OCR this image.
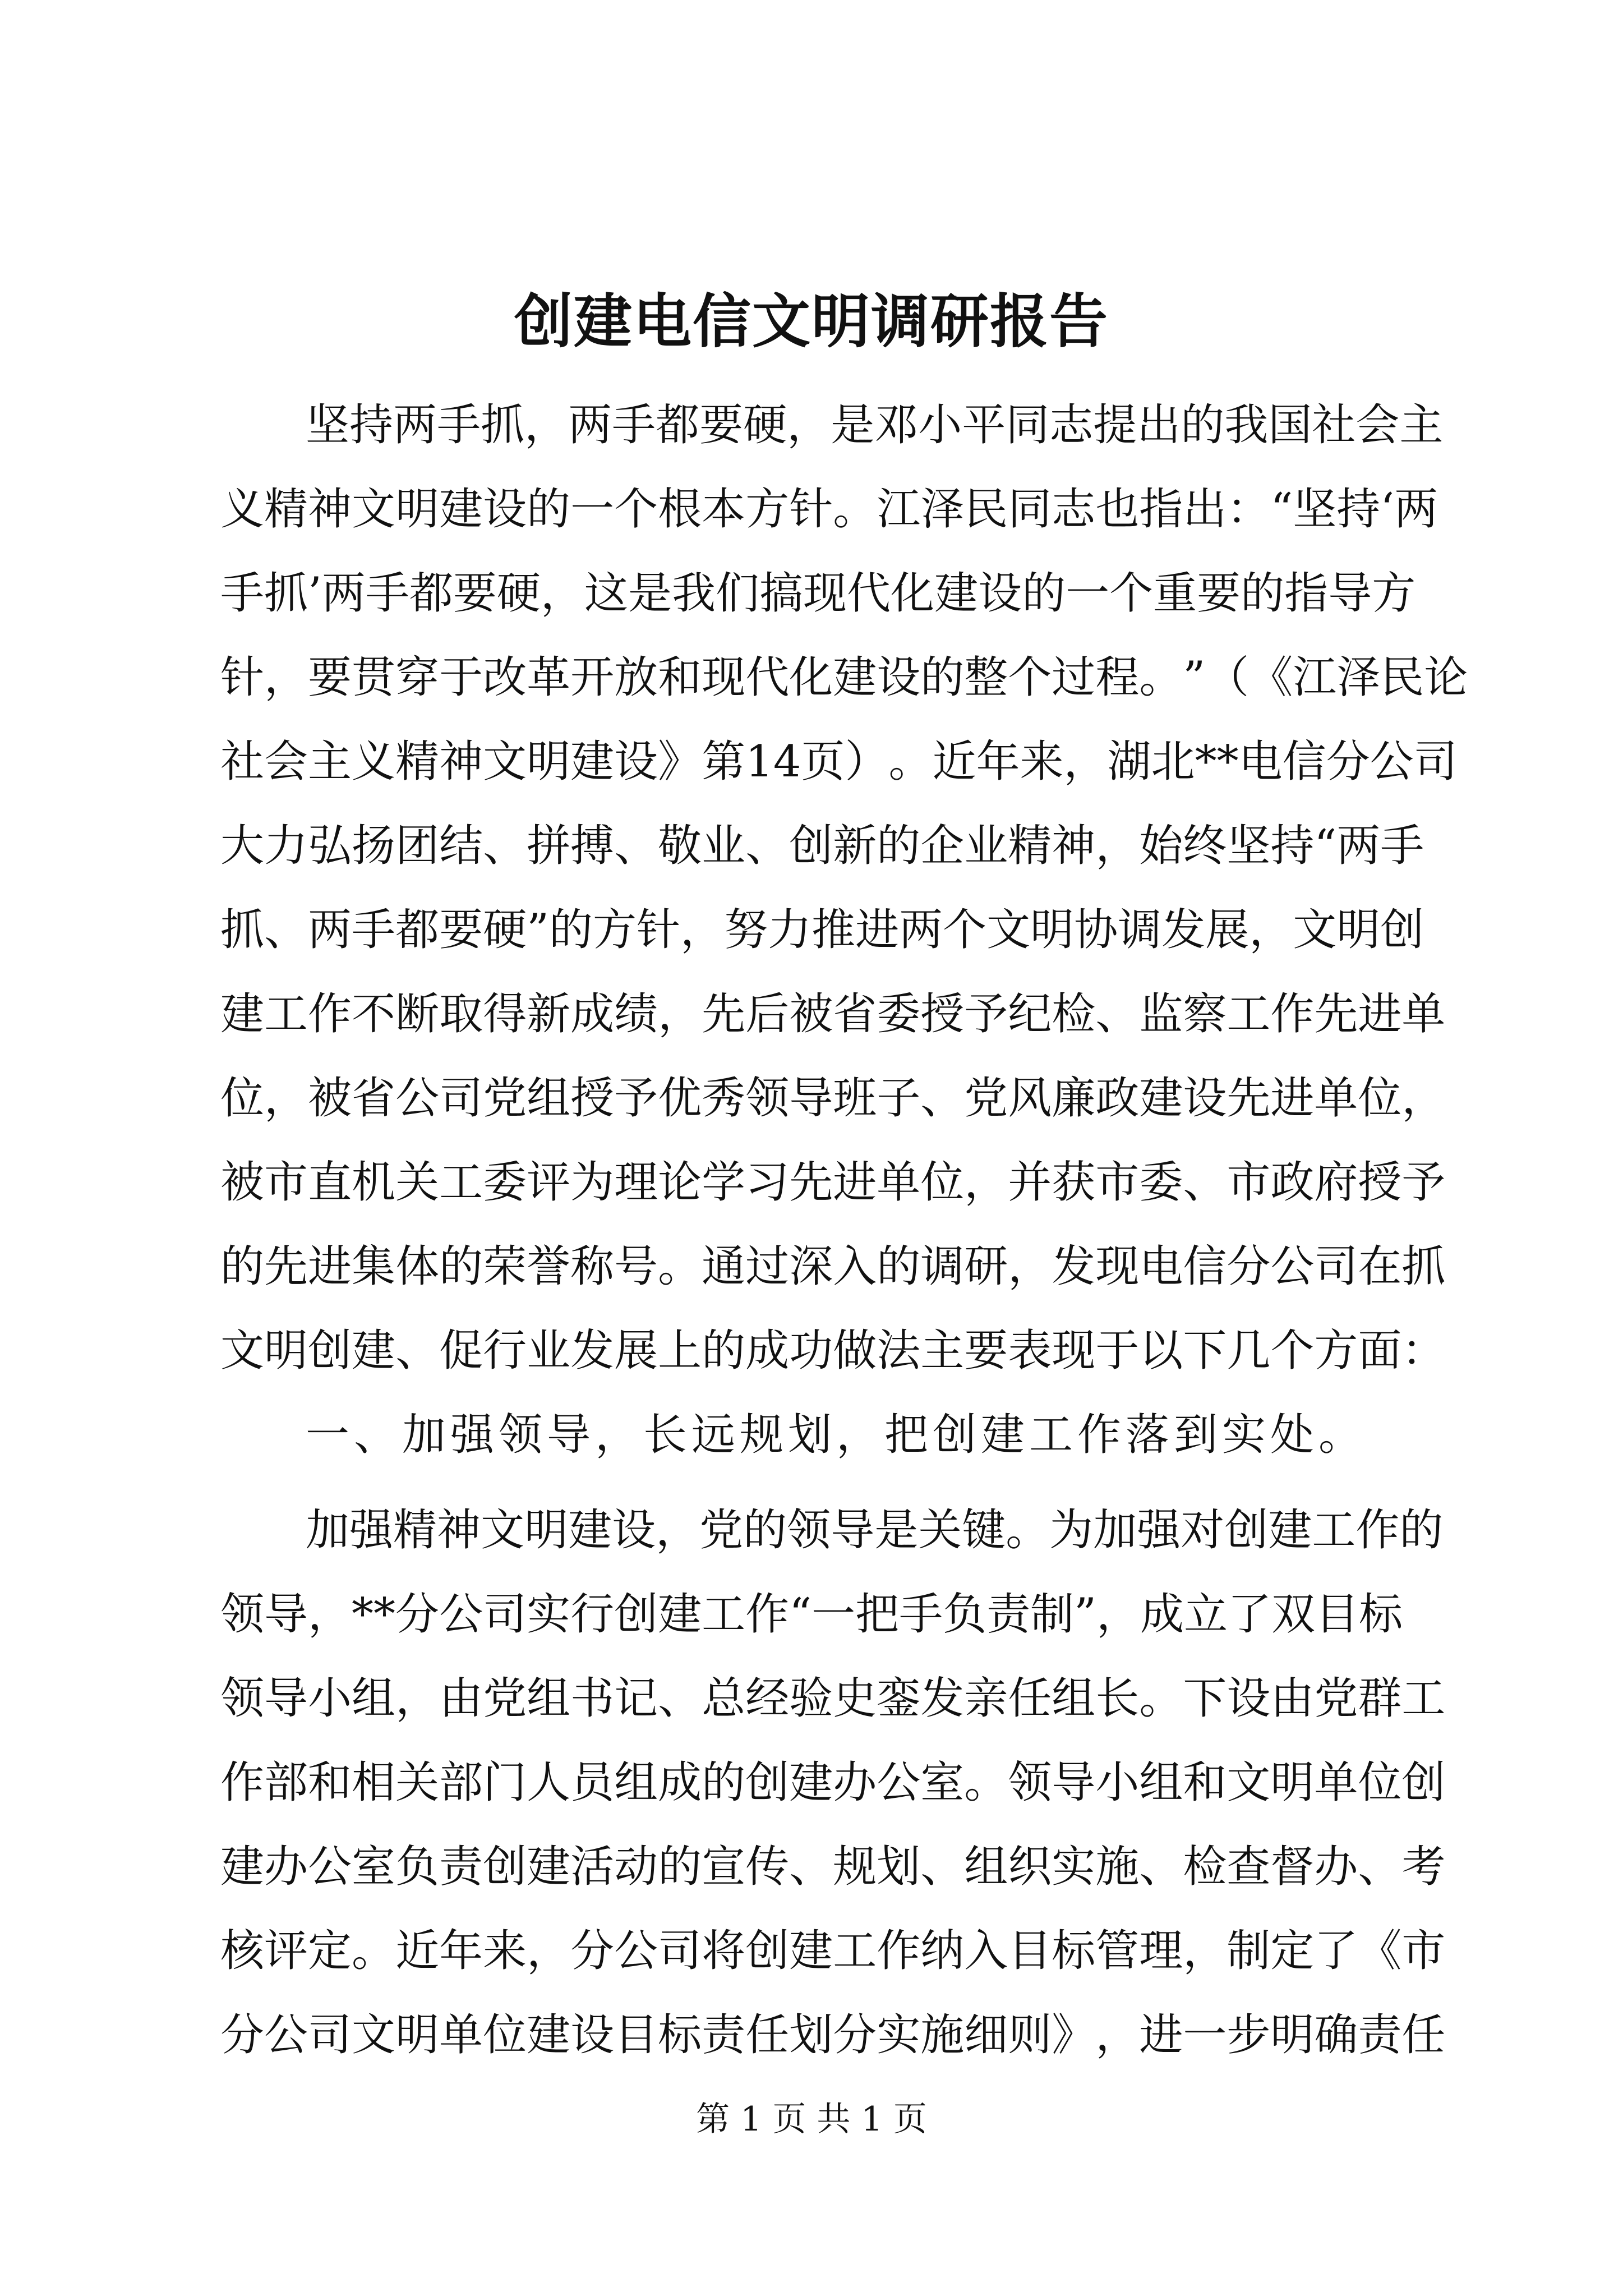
创建电信文明调研报告
坚 持 两 手 抓 ， 两 手 都 要 硬 ， 是 邓 小 平 同 志 提 出 的 我 国 社 会 主
义 精 神 文 明 建 设 的 一 个 根 本 方 针 。 江 泽 民 同 志 也 指 出 ： “ 坚 持 ‘ 两
手 抓 ’ 两 手 都 要 硬 ， 这 是 我 们 搞 现 代 化 建 设 的 一 个 重 要 的 指 导 方
针 ， 要 贯 穿 于 改 革 开 放 和 现 代 化 建 设 的 整 个 过 程 。 ” （ 《 江 泽 民 论
社 会 主 义 精 神 文 明 建 设 》 第 14 页 ） 。 近 年 来 ， 湖 北 ** 电 信 分 公 司
大 力 弘 扬 团 结 、 拼 搏 、 敬 业 、 创 新 的 企 业 精 神 ， 始 终 坚 持 “ 两 手
抓 、 两 手 都 要 硬 ” 的 方 针 ， 努 力 推 进 两 个 文 明 协 调 发 展 ， 文 明 创
建 工 作 不 断 取 得 新 成 绩 ， 先 后 被 省 委 授 予 纪 检 、 监 察 工 作 先 进 单
位 ， 被 省 公 司 党 组 授 予 优 秀 领 导 班 子 、 党 风 廉 政 建 设 先 进 单 位 ，
被 市 直 机 关 工 委 评 为 理 论 学 习 先 进 单 位 ， 并 获 市 委 、 市 政 府 授 予
的 先 进 集 体 的 荣 誉 称 号 。 通 过 深 入 的 调 研 ， 发 现 电 信 分 公 司 在 抓
文 明 创 建 、 促 行 业 发 展 上 的 成 功 做 法 主 要 表 现 于 以 下 几 个 方 面 ：
一、加强领导，长远规划，把创建工作落到实处。
加 强 精 神 文 明 建 设 ， 党 的 领 导 是 关 键 。 为 加 强 对 创 建 工 作 的
领 导 ， ** 分 公 司 实 行 创 建 工 作 “ 一 把 手 负 责 制 ” ， 成 立 了 双 目 标
领 导 小 组 ， 由 党 组 书 记 、 总 经 验 史 銮 发 亲 任 组 长 。 下 设 由 党 群 工
作 部 和 相 关 部 门 人 员 组 成 的 创 建 办 公 室 。 领 导 小 组 和 文 明 单 位 创
建 办 公 室 负 责 创 建 活 动 的 宣 传 、 规 划 、 组 织 实 施 、 检 查 督 办 、 考
核 评 定 。 近 年 来 ， 分 公 司 将 创 建 工 作 纳 入 目 标 管 理 ， 制 定 了 《 市
分 公 司 文 明 单 位 建 设 目 标 责 任 划 分 实 施 细 则 》 ， 进 一 步 明 确 责 任
第 1 页 共 1 页
